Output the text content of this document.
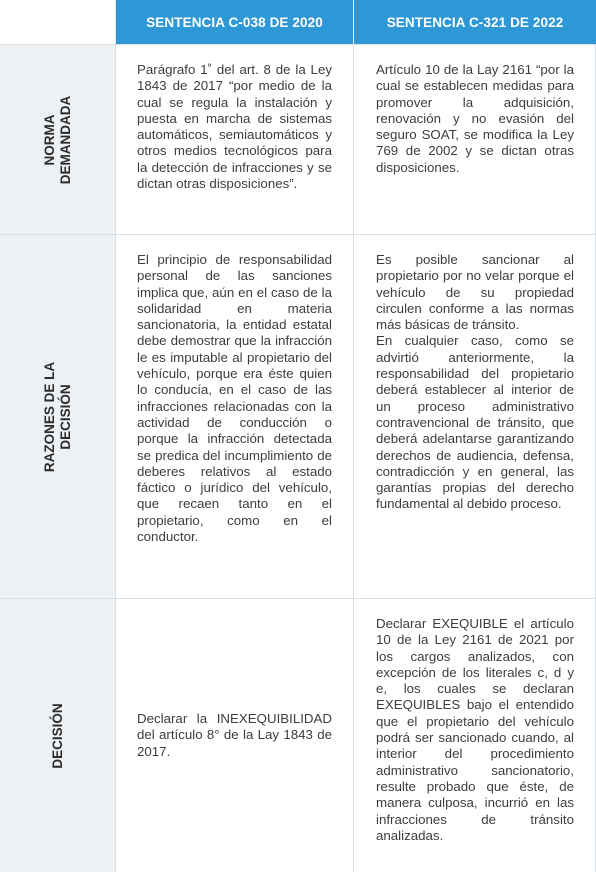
SENTENCIA C-038 DE 2020	SENTENCIA C-321 DE 2022
NORMA DEMANDADA

Parágrafo 1˚ del art. 8 de la Ley 1843 de 2017 “por medio de la cual se regula la instalación y puesta en marcha de sistemas automáticos, semiautomáticos y otros medios tecnológicos para la detección de infracciones y se dictan otras disposiciones”.

Artículo 10 de la Lay 2161 “por la cual se establecen medidas para promover la adquisición, renovación y no evasión del seguro SOAT, se modifica la Ley 769 de 2002 y se dictan otras disposiciones.

RAZONES DE LA DECISIÓN

El principio de responsabilidad personal de las sanciones implica que, aún en el caso de la solidaridad en materia sancionatoria, la entidad estatal debe demostrar que la infracción le es imputable al propietario del vehículo, porque era éste quien lo conducía, en el caso de las infracciones relacionadas con la actividad de conducción o porque la infracción detectada se predica del incumplimiento de deberes relativos al estado fáctico o jurídico del vehículo, que recaen tanto en el propietario, como en el conductor.

Es posible sancionar al propietario por no velar porque el vehículo de su propiedad circulen conforme a las normas más básicas de tránsito.

En cualquier caso, como se advirtió anteriormente, la responsabilidad del propietario deberá establecer al interior de un proceso administrativo contravencional de tránsito, que deberá adelantarse garantizando derechos de audiencia, defensa, contradicción y en general, las garantías propias del derecho fundamental al debido proceso.

DECISIÓN	Declarar la INEXEQUIBILIDAD del artículo 8° de la Lay 1843 de 2017.

Declarar EXEQUIBLE el artículo 10 de la Ley 2161 de 2021 por los cargos analizados, con excepción de los literales c, d y e, los cuales se declaran EXEQUIBLES bajo el entendido que el propietario del vehículo podrá ser sancionado cuando, al interior del procedimiento administrativo sancionatorio, resulte probado que éste, de manera culposa, incurrió en las infracciones de tránsito analizadas.
